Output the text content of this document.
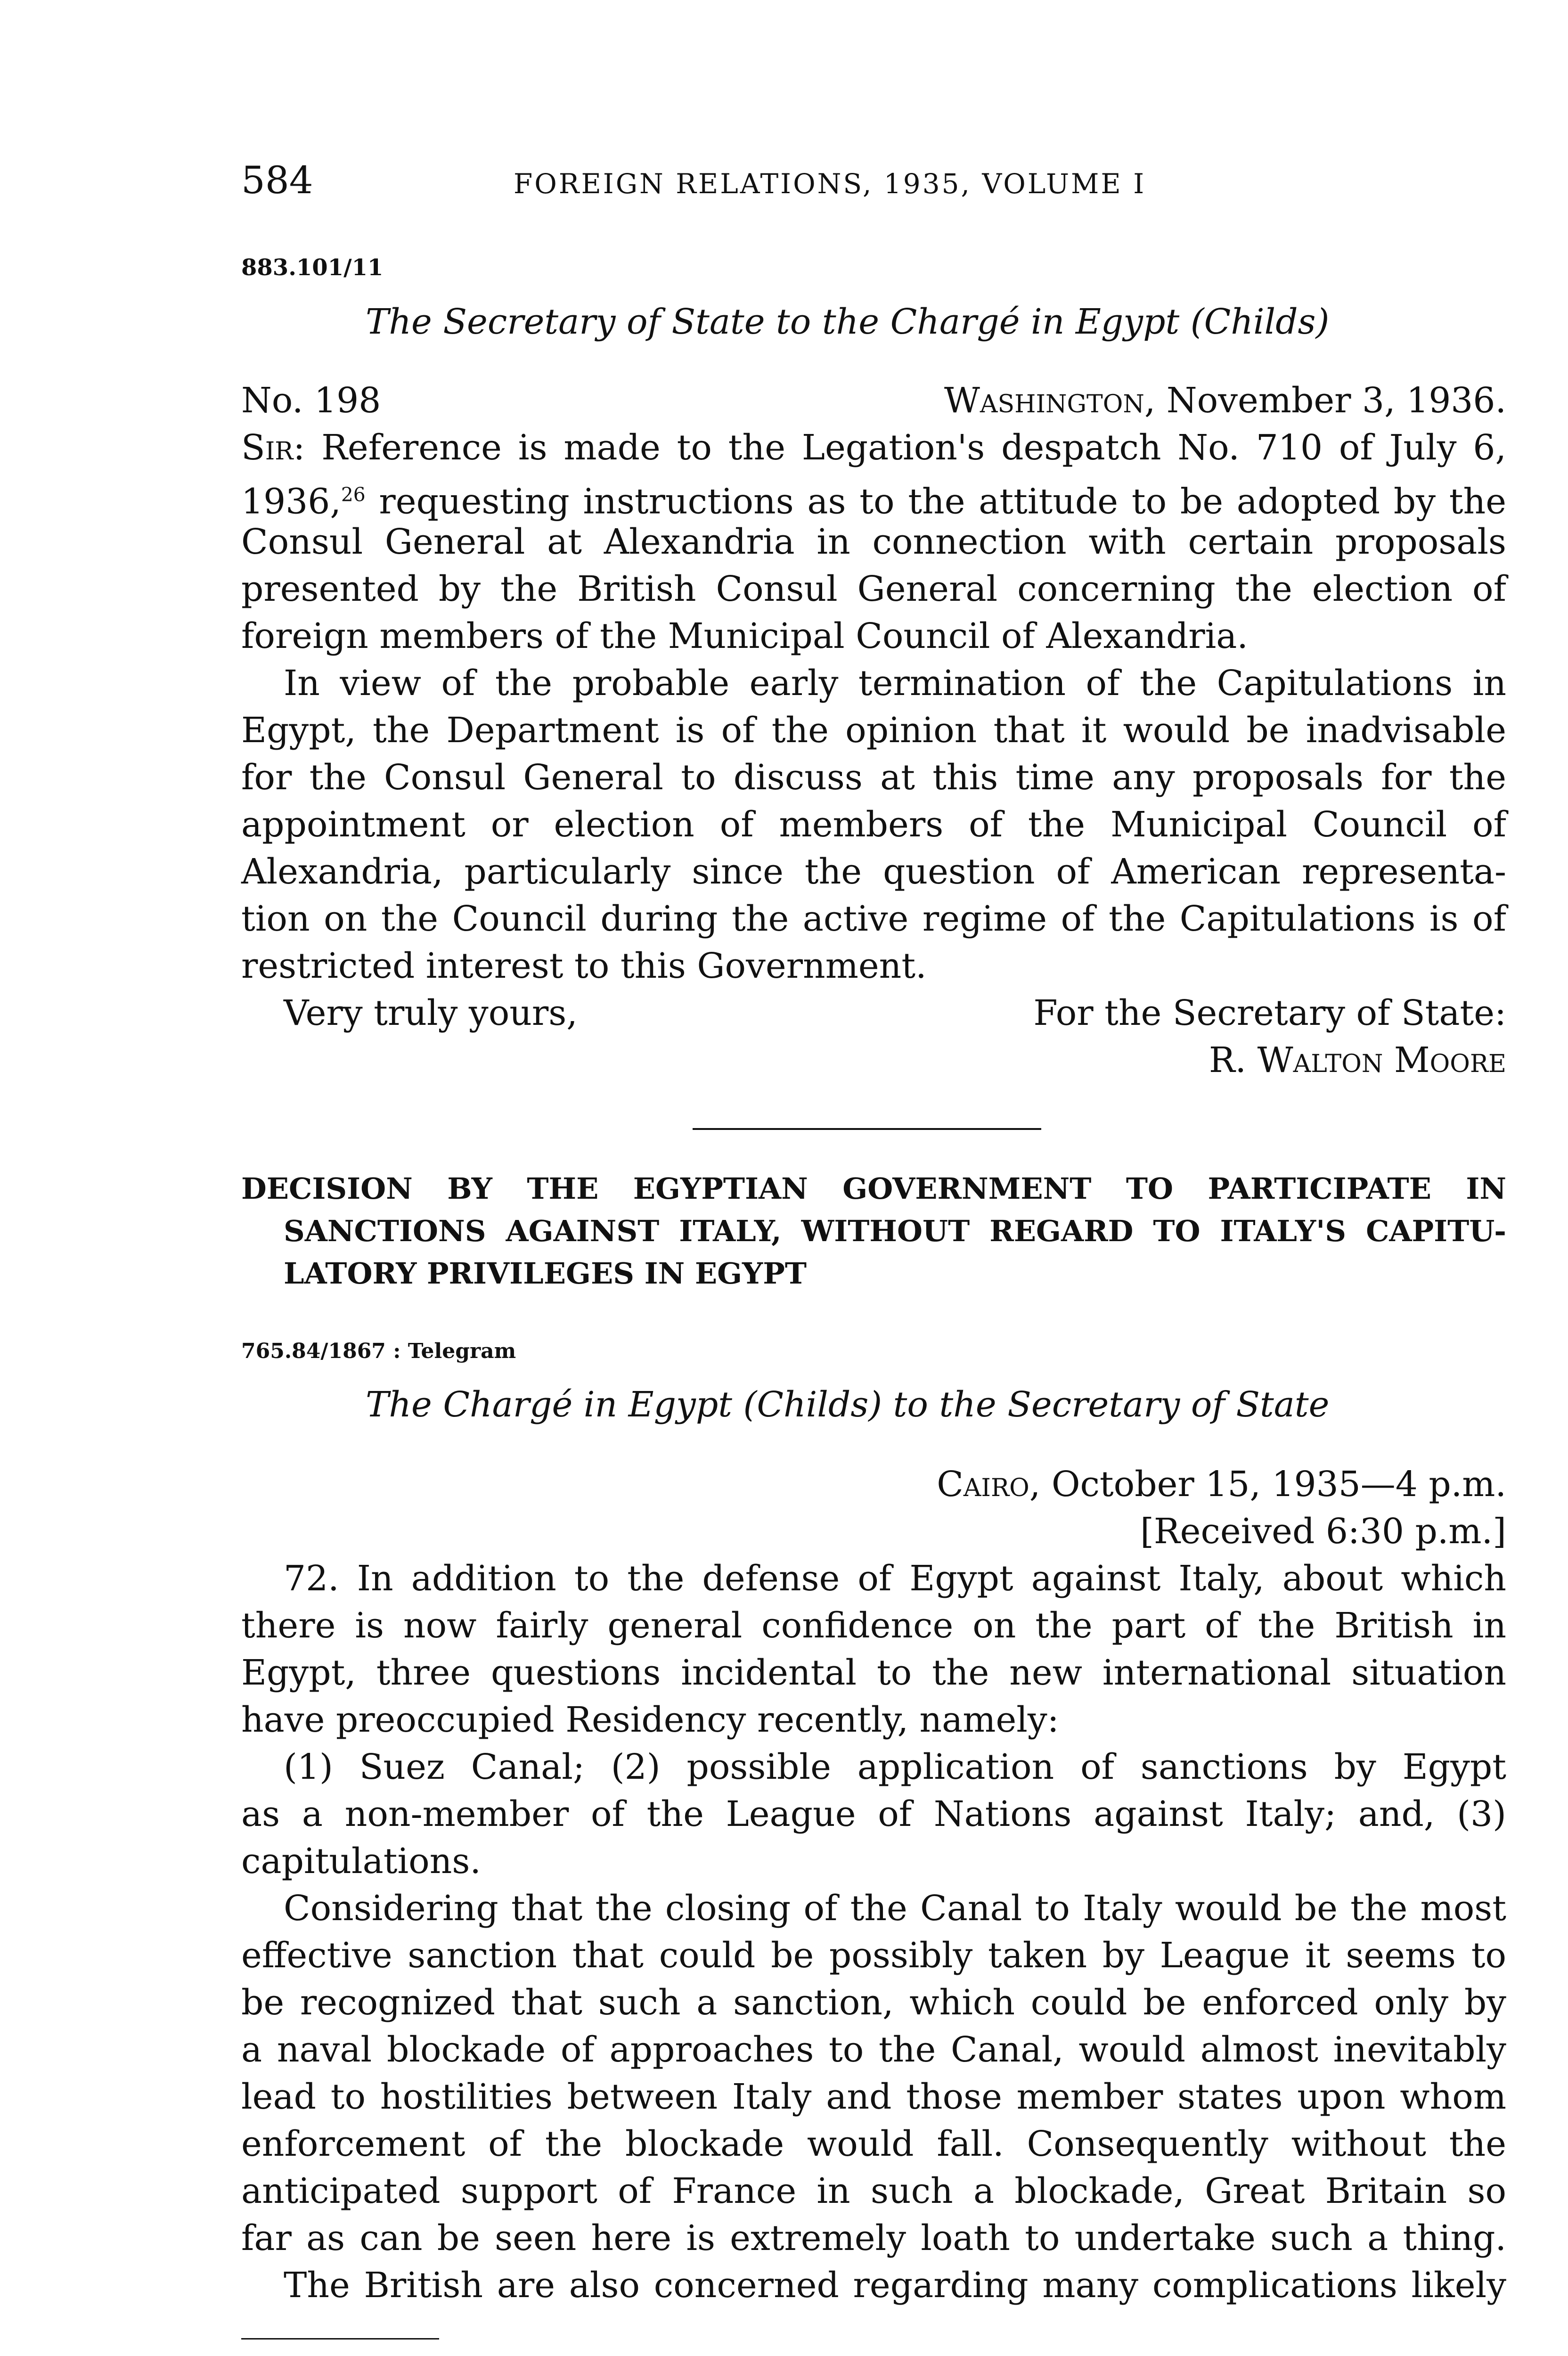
584	FOREIGN RELATIONS, 1935, VOLUME I
883.101/11
The Secretary of State to the Chargé in Egypt (Childs)
No. 198	Washington, November 3, 1936.
Sir: Reference is made to the Legation's despatch No. 710 of July 6,
1936,26 requesting instructions as to the attitude to be adopted by the
Consul General at Alexandria in connection with certain proposals
presented by the British Consul General concerning the election of
foreign members of the Municipal Council of Alexandria.
In view of the probable early termination of the Capitulations in
Egypt, the Department is of the opinion that it would be inadvisable
for the Consul General to discuss at this time any proposals for the
appointment or election of members of the Municipal Council of
Alexandria, particularly since the question of American representa-
tion on the Council during the active regime of the Capitulations is of
restricted interest to this Government.
Very truly yours,	For the Secretary of State:
R. Walton Moore
DECISION BY THE EGYPTIAN GOVERNMENT TO PARTICIPATE IN
SANCTIONS AGAINST ITALY, WITHOUT REGARD TO ITALY'S CAPITU-
LATORY PRIVILEGES IN EGYPT
765.84/1867 : Telegram
The Chargé in Egypt (Childs) to the Secretary of State
Cairo, October 15, 1935—4 p.m.
[Received 6:30 p.m.]
72. In addition to the defense of Egypt against Italy, about which
there is now fairly general confidence on the part of the British in
Egypt, three questions incidental to the new international situation
have preoccupied Residency recently, namely:
(1) Suez Canal; (2) possible application of sanctions by Egypt
as a non-member of the League of Nations against Italy; and, (3)
capitulations.
Considering that the closing of the Canal to Italy would be the most
effective sanction that could be possibly taken by League it seems to
be recognized that such a sanction, which could be enforced only by
a naval blockade of approaches to the Canal, would almost inevitably
lead to hostilities between Italy and those member states upon whom
enforcement of the blockade would fall. Consequently without the
anticipated support of France in such a blockade, Great Britain so
far as can be seen here is extremely loath to undertake such a thing.
The British are also concerned regarding many complications likely
